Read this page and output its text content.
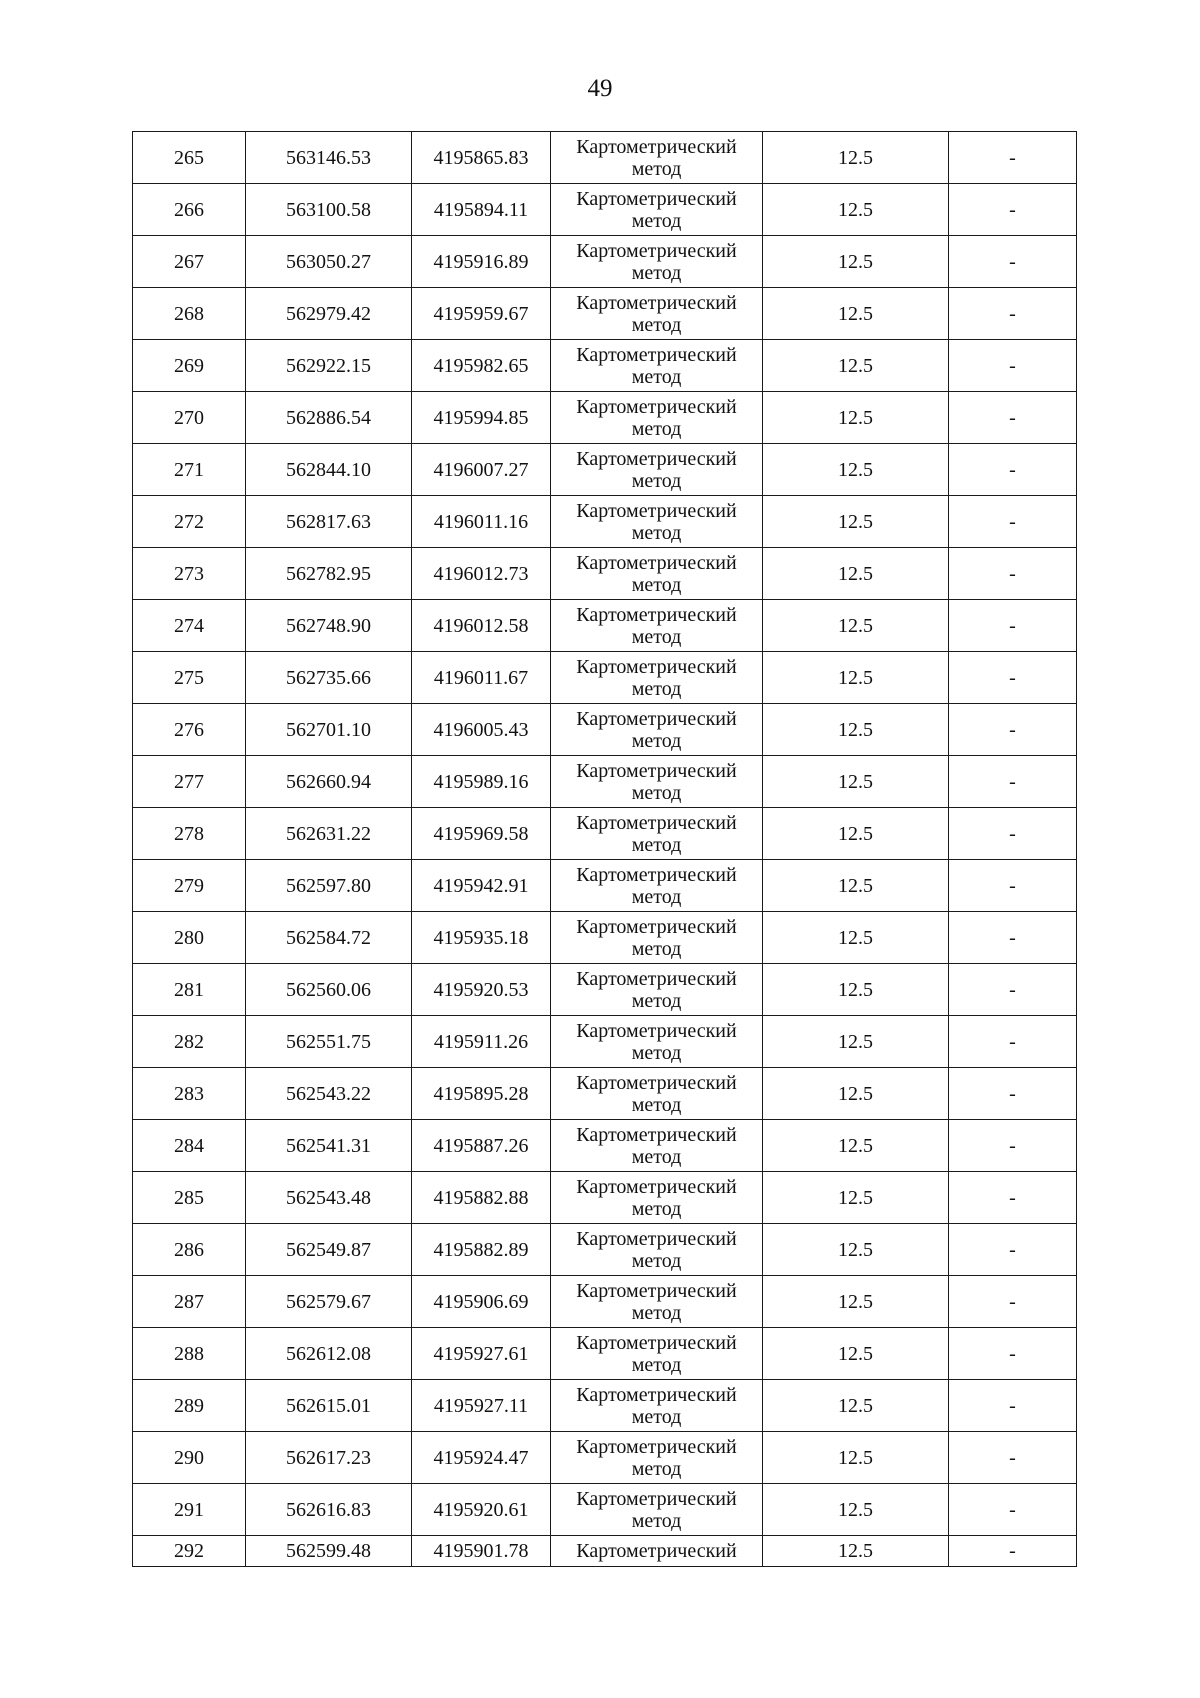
49
265	563146.53	4195865.83	Картометрический метод	12.5	-
266	563100.58	4195894.11	Картометрический метод	12.5	-
267	563050.27	4195916.89	Картометрический метод	12.5	-
268	562979.42	4195959.67	Картометрический метод	12.5	-
269	562922.15	4195982.65	Картометрический метод	12.5	-
270	562886.54	4195994.85	Картометрический метод	12.5	-
271	562844.10	4196007.27	Картометрический метод	12.5	-
272	562817.63	4196011.16	Картометрический метод	12.5	-
273	562782.95	4196012.73	Картометрический метод	12.5	-
274	562748.90	4196012.58	Картометрический метод	12.5	-
275	562735.66	4196011.67	Картометрический метод	12.5	-
276	562701.10	4196005.43	Картометрический метод	12.5	-
277	562660.94	4195989.16	Картометрический метод	12.5	-
278	562631.22	4195969.58	Картометрический метод	12.5	-
279	562597.80	4195942.91	Картометрический метод	12.5	-
280	562584.72	4195935.18	Картометрический метод	12.5	-
281	562560.06	4195920.53	Картометрический метод	12.5	-
282	562551.75	4195911.26	Картометрический метод	12.5	-
283	562543.22	4195895.28	Картометрический метод	12.5	-
284	562541.31	4195887.26	Картометрический метод	12.5	-
285	562543.48	4195882.88	Картометрический метод	12.5	-
286	562549.87	4195882.89	Картометрический метод	12.5	-
287	562579.67	4195906.69	Картометрический метод	12.5	-
288	562612.08	4195927.61	Картометрический метод	12.5	-
289	562615.01	4195927.11	Картометрический метод	12.5	-
290	562617.23	4195924.47	Картометрический метод	12.5	-
291	562616.83	4195920.61	Картометрический метод	12.5	-
292	562599.48	4195901.78	Картометрический	12.5	-
